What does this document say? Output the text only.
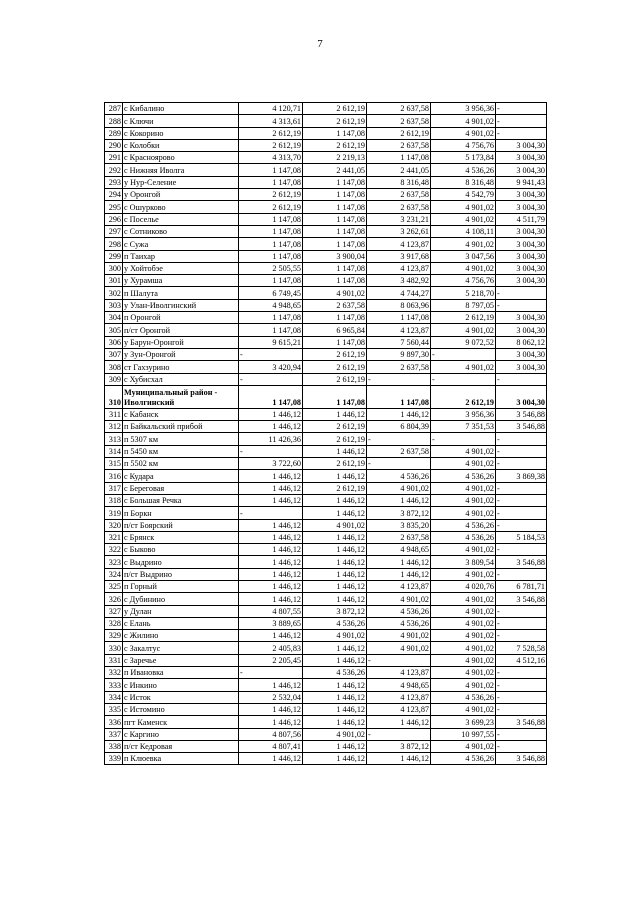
7
287	с Кибалино	4 120,71	2 612,19	2 637,58	3 956,36	-
288	с Ключи	4 313,61	2 612,19	2 637,58	4 901,02	-
289	с Кокорино	2 612,19	1 147,08	2 612,19	4 901,02	-
290	с Колобки	2 612,19	2 612,19	2 637,58	4 756,76	3 004,30
291	с Красноярово	4 313,70	2 219,13	1 147,08	5 173,84	3 004,30
292	с Нижняя Иволга	1 147,08	2 441,05	2 441,05	4 536,26	3 004,30
293	у Нур-Селение	1 147,08	1 147,08	8 316,48	8 316,48	9 941,43
294	у Оронгой	2 612,19	1 147,08	2 637,58	4 542,79	3 004,30
295	с Ошурково	2 612,19	1 147,08	2 637,58	4 901,02	3 004,30
296	с Поселье	1 147,08	1 147,08	3 231,21	4 901,02	4 511,79
297	с Сотниково	1 147,08	1 147,08	3 262,61	4 108,11	3 004,30
298	с Сужа	1 147,08	1 147,08	4 123,87	4 901,02	3 004,30
299	п Таихар	1 147,08	3 900,04	3 917,68	3 047,56	3 004,30
300	у Хойтобэе	2 505,55	1 147,08	4 123,87	4 901,02	3 004,30
301	у Хурамша	1 147,08	1 147,08	3 482,92	4 756,76	3 004,30
302	п Шалута	6 749,45	4 901,02	4 744,27	5 218,70	-
303	у Улан-Иволгинский	4 948,65	2 637,58	8 063,96	8 797,05	-
304	п Оронгой	1 147,08	1 147,08	1 147,08	2 612,19	3 004,30
305	п/ст Оронгой	1 147,08	6 965,84	4 123,87	4 901,02	3 004,30
306	у Барун-Оронгой	9 615,21	1 147,08	7 560,44	9 072,52	8 062,12
307	у Зун-Оронгой	-	2 612,19	9 897,30	-	3 004,30
308	ст Гахзурино	3 420,94	2 612,19	2 637,58	4 901,02	3 004,30
309	с Хубисхал	-	2 612,19	-	-	-
310	Муниципальный район - Иволгинский	1 147,08	1 147,08	1 147,08	2 612,19	3 004,30
311	с Кабанск	1 446,12	1 446,12	1 446,12	3 956,36	3 546,88
312	п Байкальский прибой	1 446,12	2 612,19	6 804,39	7 351,53	3 546,88
313	п 5307 км	11 426,36	2 612,19	-	-	-
314	п 5450 км	-	1 446,12	2 637,58	4 901,02	-
315	п 5502 км	3 722,60	2 612,19	-	4 901,02	-
316	с Кудара	1 446,12	1 446,12	4 536,26	4 536,26	3 869,38
317	с Береговая	1 446,12	2 612,19	4 901,02	4 901,02	-
318	с Большая Речка	1 446,12	1 446,12	1 446,12	4 901,02	-
319	п Боркн	-	1 446,12	3 872,12	4 901,02	-
320	п/ст Боярский	1 446,12	4 901,02	3 835,20	4 536,26	-
321	с Брянск	1 446,12	1 446,12	2 637,58	4 536,26	5 184,53
322	с Быково	1 446,12	1 446,12	4 948,65	4 901,02	-
323	с Выдрино	1 446,12	1 446,12	1 446,12	3 809,54	3 546,88
324	п/ст Выдрино	1 446,12	1 446,12	1 446,12	4 901,02	-
325	п Горный	1 446,12	1 446,12	4 123,87	4 020,76	6 781,71
326	с Дубинино	1 446,12	1 446,12	4 901,02	4 901,02	3 546,88
327	у Дулан	4 807,55	3 872,12	4 536,26	4 901,02	-
328	с Елань	3 889,65	4 536,26	4 536,26	4 901,02	-
329	с Жилино	1 446,12	4 901,02	4 901,02	4 901,02	-
330	с Закалтус	2 405,83	1 446,12	4 901,02	4 901,02	7 528,58
331	с Заречье	2 205,45	1 446,12	-	4 901,02	4 512,16
332	п Ивановка	-	4 536,26	4 123,87	4 901,02	-
333	с Инкино	1 446,12	1 446,12	4 948,65	4 901,02	-
334	с Исток	2 532,04	1 446,12	4 123,87	4 536,26	-
335	с Истомино	1 446,12	1 446,12	4 123,87	4 901,02	-
336	пгт Каменск	1 446,12	1 446,12	1 446,12	3 699,23	3 546,88
337	с Каргино	4 807,56	4 901,02	-	10 997,55	-
338	п/ст Кедровая	4 807,41	1 446,12	3 872,12	4 901,02	-
339	п Клюевка	1 446,12	1 446,12	1 446,12	4 536,26	3 546,88
